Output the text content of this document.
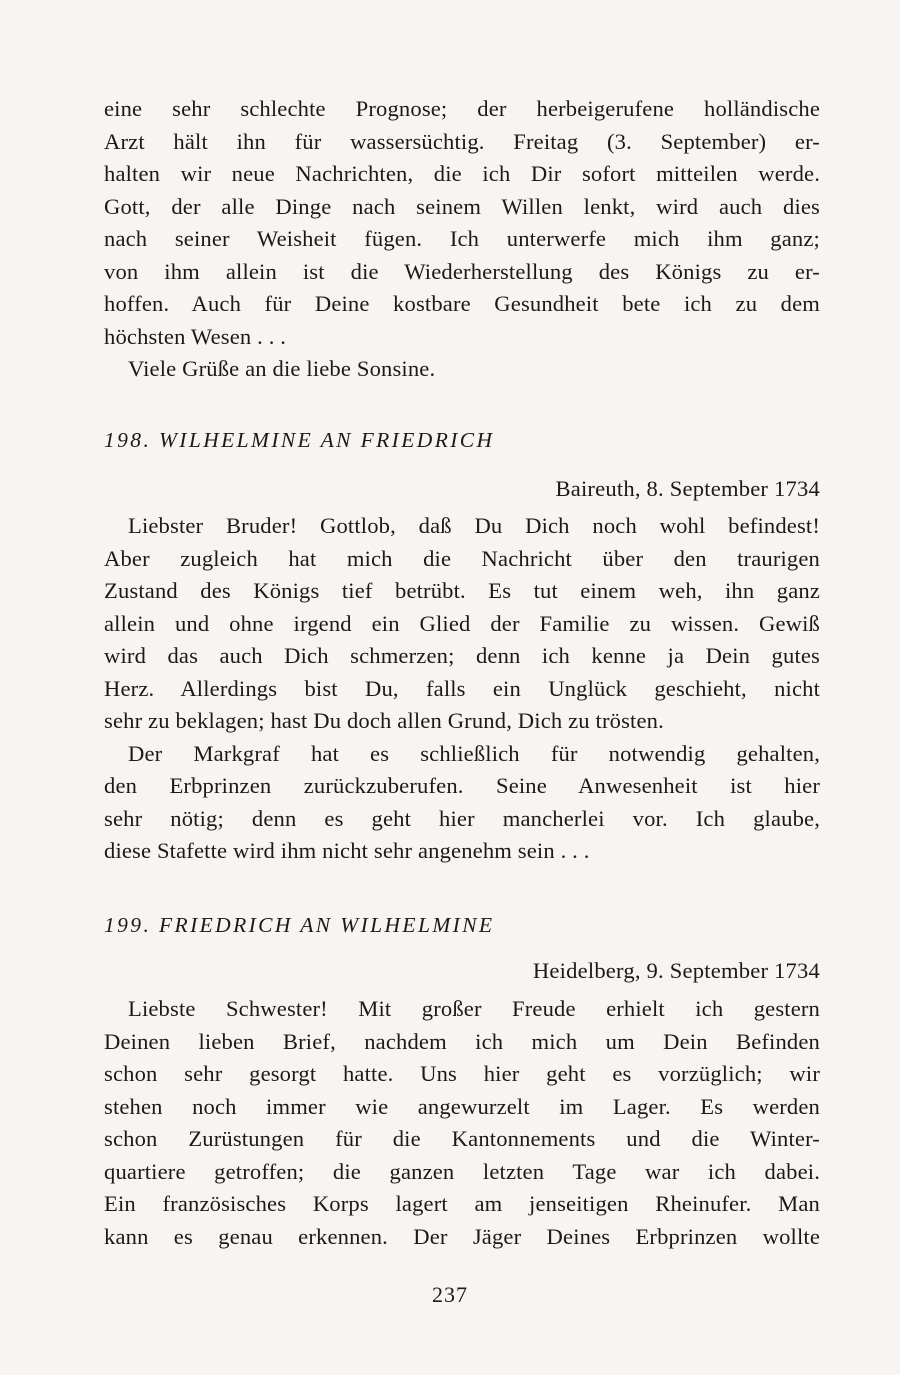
eine sehr schlechte Prognose; der herbeigerufene holländische
Arzt hält ihn für wassersüchtig. Freitag (3. September) er-
halten wir neue Nachrichten, die ich Dir sofort mitteilen werde.
Gott, der alle Dinge nach seinem Willen lenkt, wird auch dies
nach seiner Weisheit fügen. Ich unterwerfe mich ihm ganz;
von ihm allein ist die Wiederherstellung des Königs zu er-
hoffen. Auch für Deine kostbare Gesundheit bete ich zu dem
höchsten Wesen . . .
Viele Grüße an die liebe Sonsine.
198. WILHELMINE AN FRIEDRICH
Baireuth, 8. September 1734
Liebster Bruder! Gottlob, daß Du Dich noch wohl befindest!
Aber zugleich hat mich die Nachricht über den traurigen
Zustand des Königs tief betrübt. Es tut einem weh, ihn ganz
allein und ohne irgend ein Glied der Familie zu wissen. Gewiß
wird das auch Dich schmerzen; denn ich kenne ja Dein gutes
Herz. Allerdings bist Du, falls ein Unglück geschieht, nicht
sehr zu beklagen; hast Du doch allen Grund, Dich zu trösten.
Der Markgraf hat es schließlich für notwendig gehalten,
den Erbprinzen zurückzuberufen. Seine Anwesenheit ist hier
sehr nötig; denn es geht hier mancherlei vor. Ich glaube,
diese Stafette wird ihm nicht sehr angenehm sein . . .
199. FRIEDRICH AN WILHELMINE
Heidelberg, 9. September 1734
Liebste Schwester! Mit großer Freude erhielt ich gestern
Deinen lieben Brief, nachdem ich mich um Dein Befinden
schon sehr gesorgt hatte. Uns hier geht es vorzüglich; wir
stehen noch immer wie angewurzelt im Lager. Es werden
schon Zurüstungen für die Kantonnements und die Winter-
quartiere getroffen; die ganzen letzten Tage war ich dabei.
Ein französisches Korps lagert am jenseitigen Rheinufer. Man
kann es genau erkennen. Der Jäger Deines Erbprinzen wollte
237
